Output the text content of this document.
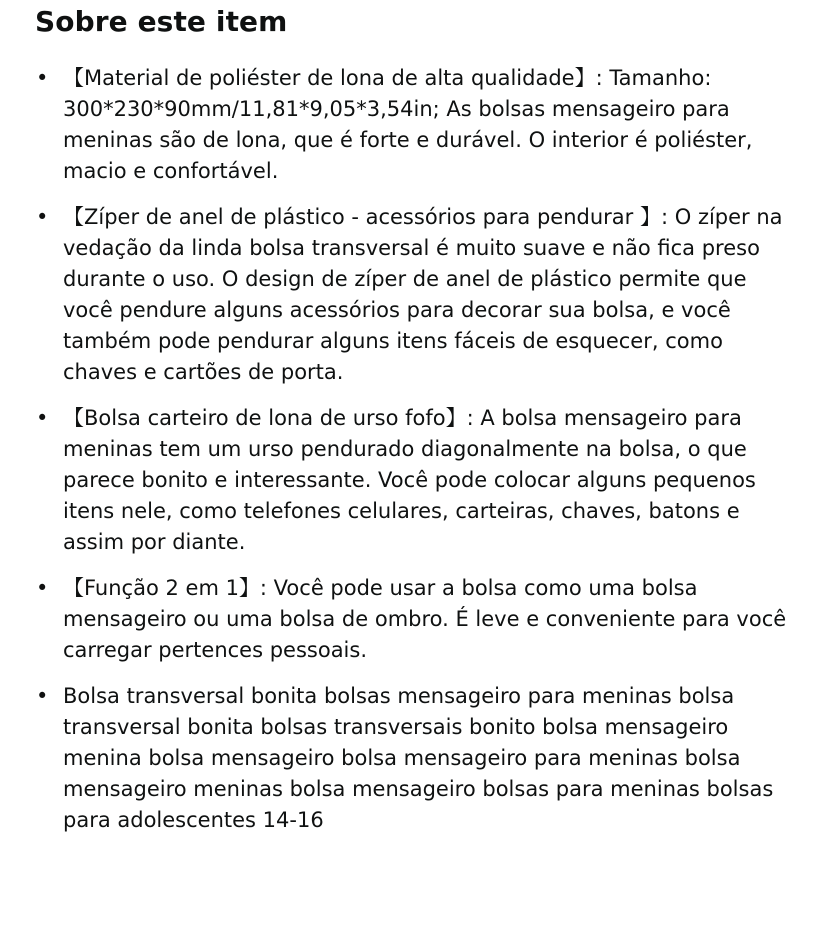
Sobre este item
• 【Material de poliéster de lona de alta qualidade】: Tamanho: 300*230*90mm/11,81*9,05*3,54in; As bolsas mensageiro para meninas são de lona, que é forte e durável. O interior é poliéster, macio e confortável.
• 【Zíper de anel de plástico - acessórios para pendurar 】: O zíper na vedação da linda bolsa transversal é muito suave e não fica preso durante o uso. O design de zíper de anel de plástico permite que você pendure alguns acessórios para decorar sua bolsa, e você também pode pendurar alguns itens fáceis de esquecer, como chaves e cartões de porta.
• 【Bolsa carteiro de lona de urso fofo】: A bolsa mensageiro para meninas tem um urso pendurado diagonalmente na bolsa, o que parece bonito e interessante. Você pode colocar alguns pequenos itens nele, como telefones celulares, carteiras, chaves, batons e assim por diante.
• 【Função 2 em 1】: Você pode usar a bolsa como uma bolsa mensageiro ou uma bolsa de ombro. É leve e conveniente para você carregar pertences pessoais.
• Bolsa transversal bonita bolsas mensageiro para meninas bolsa transversal bonita bolsas transversais bonito bolsa mensageiro menina bolsa mensageiro bolsa mensageiro para meninas bolsa mensageiro meninas bolsa mensageiro bolsas para meninas bolsas para adolescentes 14-16
